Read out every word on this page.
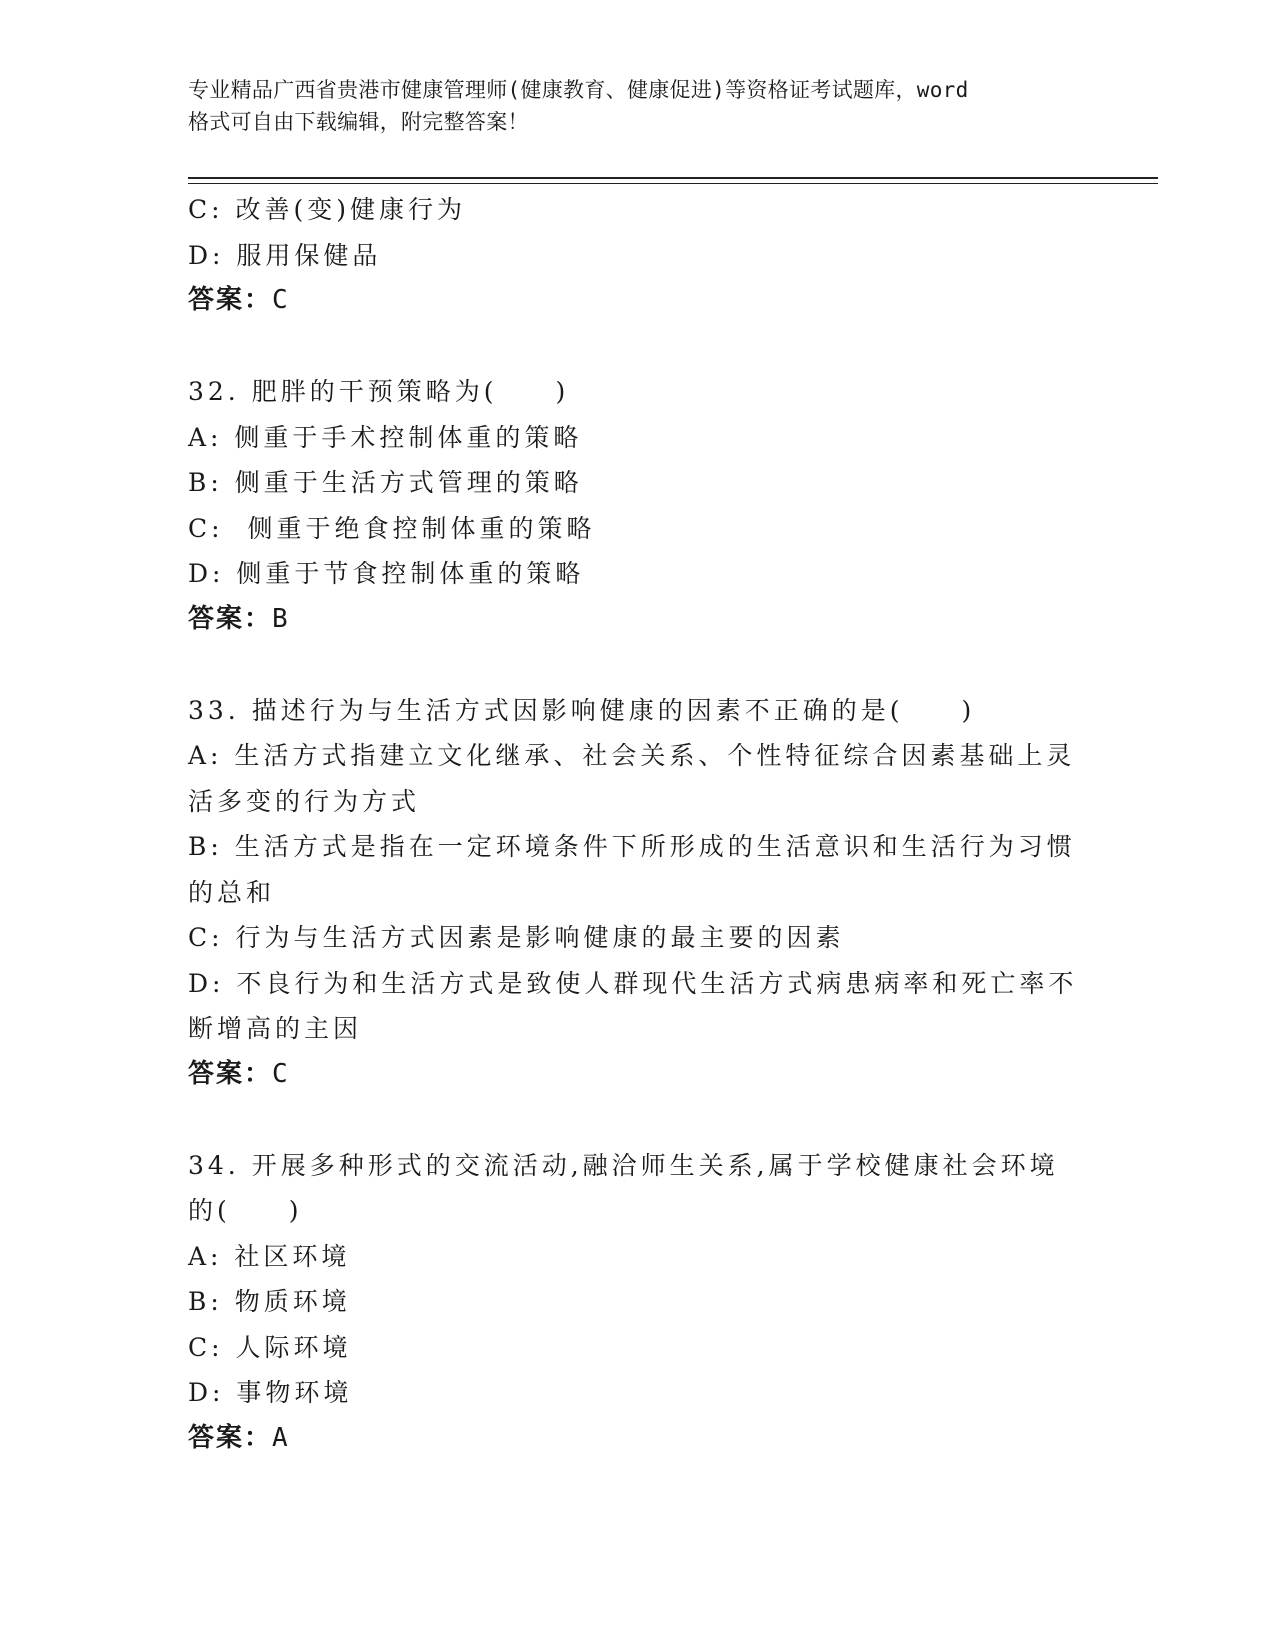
专业精品广西省贵港市健康管理师(健康教育、健康促进)等资格证考试题库，word
格式可自由下载编辑，附完整答案！
C: 改善(变)健康行为
D: 服用保健品
答案：C
32. 肥胖的干预策略为(　　)
A: 侧重于手术控制体重的策略
B: 侧重于生活方式管理的策略
C:  侧重于绝食控制体重的策略
D: 侧重于节食控制体重的策略
答案：B
33. 描述行为与生活方式因影响健康的因素不正确的是(　　)
A: 生活方式指建立文化继承、社会关系、个性特征综合因素基础上灵
活多变的行为方式
B: 生活方式是指在一定环境条件下所形成的生活意识和生活行为习惯
的总和
C: 行为与生活方式因素是影响健康的最主要的因素
D: 不良行为和生活方式是致使人群现代生活方式病患病率和死亡率不
断增高的主因
答案：C
34. 开展多种形式的交流活动,融洽师生关系,属于学校健康社会环境
的(　　)
A: 社区环境
B: 物质环境
C: 人际环境
D: 事物环境
答案：A
